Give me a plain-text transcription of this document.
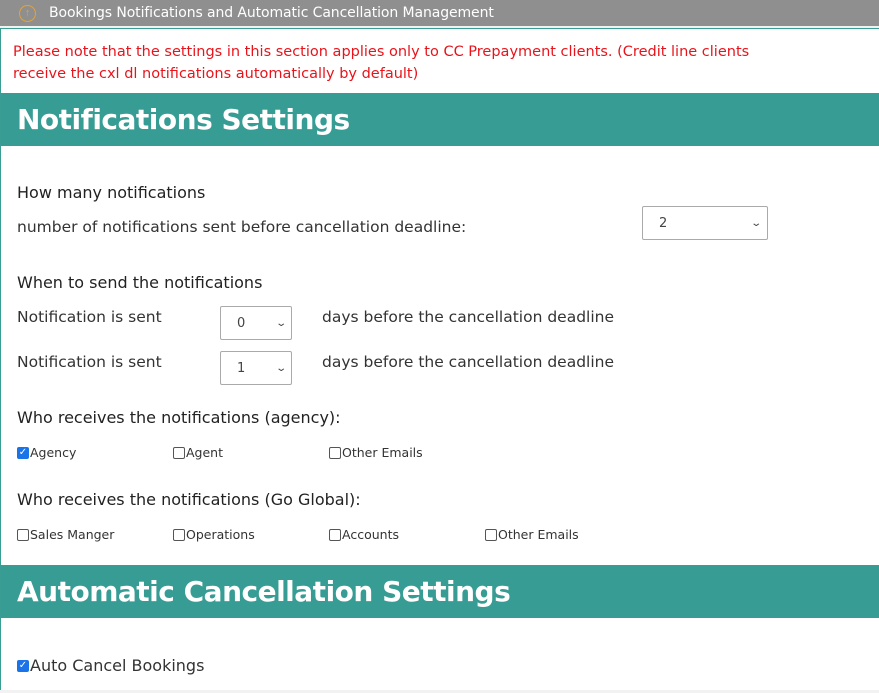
↑	Bookings Notifications and Automatic Cancellation Management
Please note that the settings in this section applies only to CC Prepayment clients. (Credit line clients receive the cxl dl notifications automatically by default)
Notifications Settings
How many notifications
number of notifications sent before cancellation deadline:	2	⌄
When to send the notifications
Notification is sent	0	⌄ days before the cancellation deadline
Notification is sent	1	⌄ days before the cancellation deadline
Who receives the notifications (agency):
✓ Agency	Agent	Other Emails
Who receives the notifications (Go Global):
Sales Manger	Operations	Accounts	Other Emails
Automatic Cancellation Settings
✓ Auto Cancel Bookings
